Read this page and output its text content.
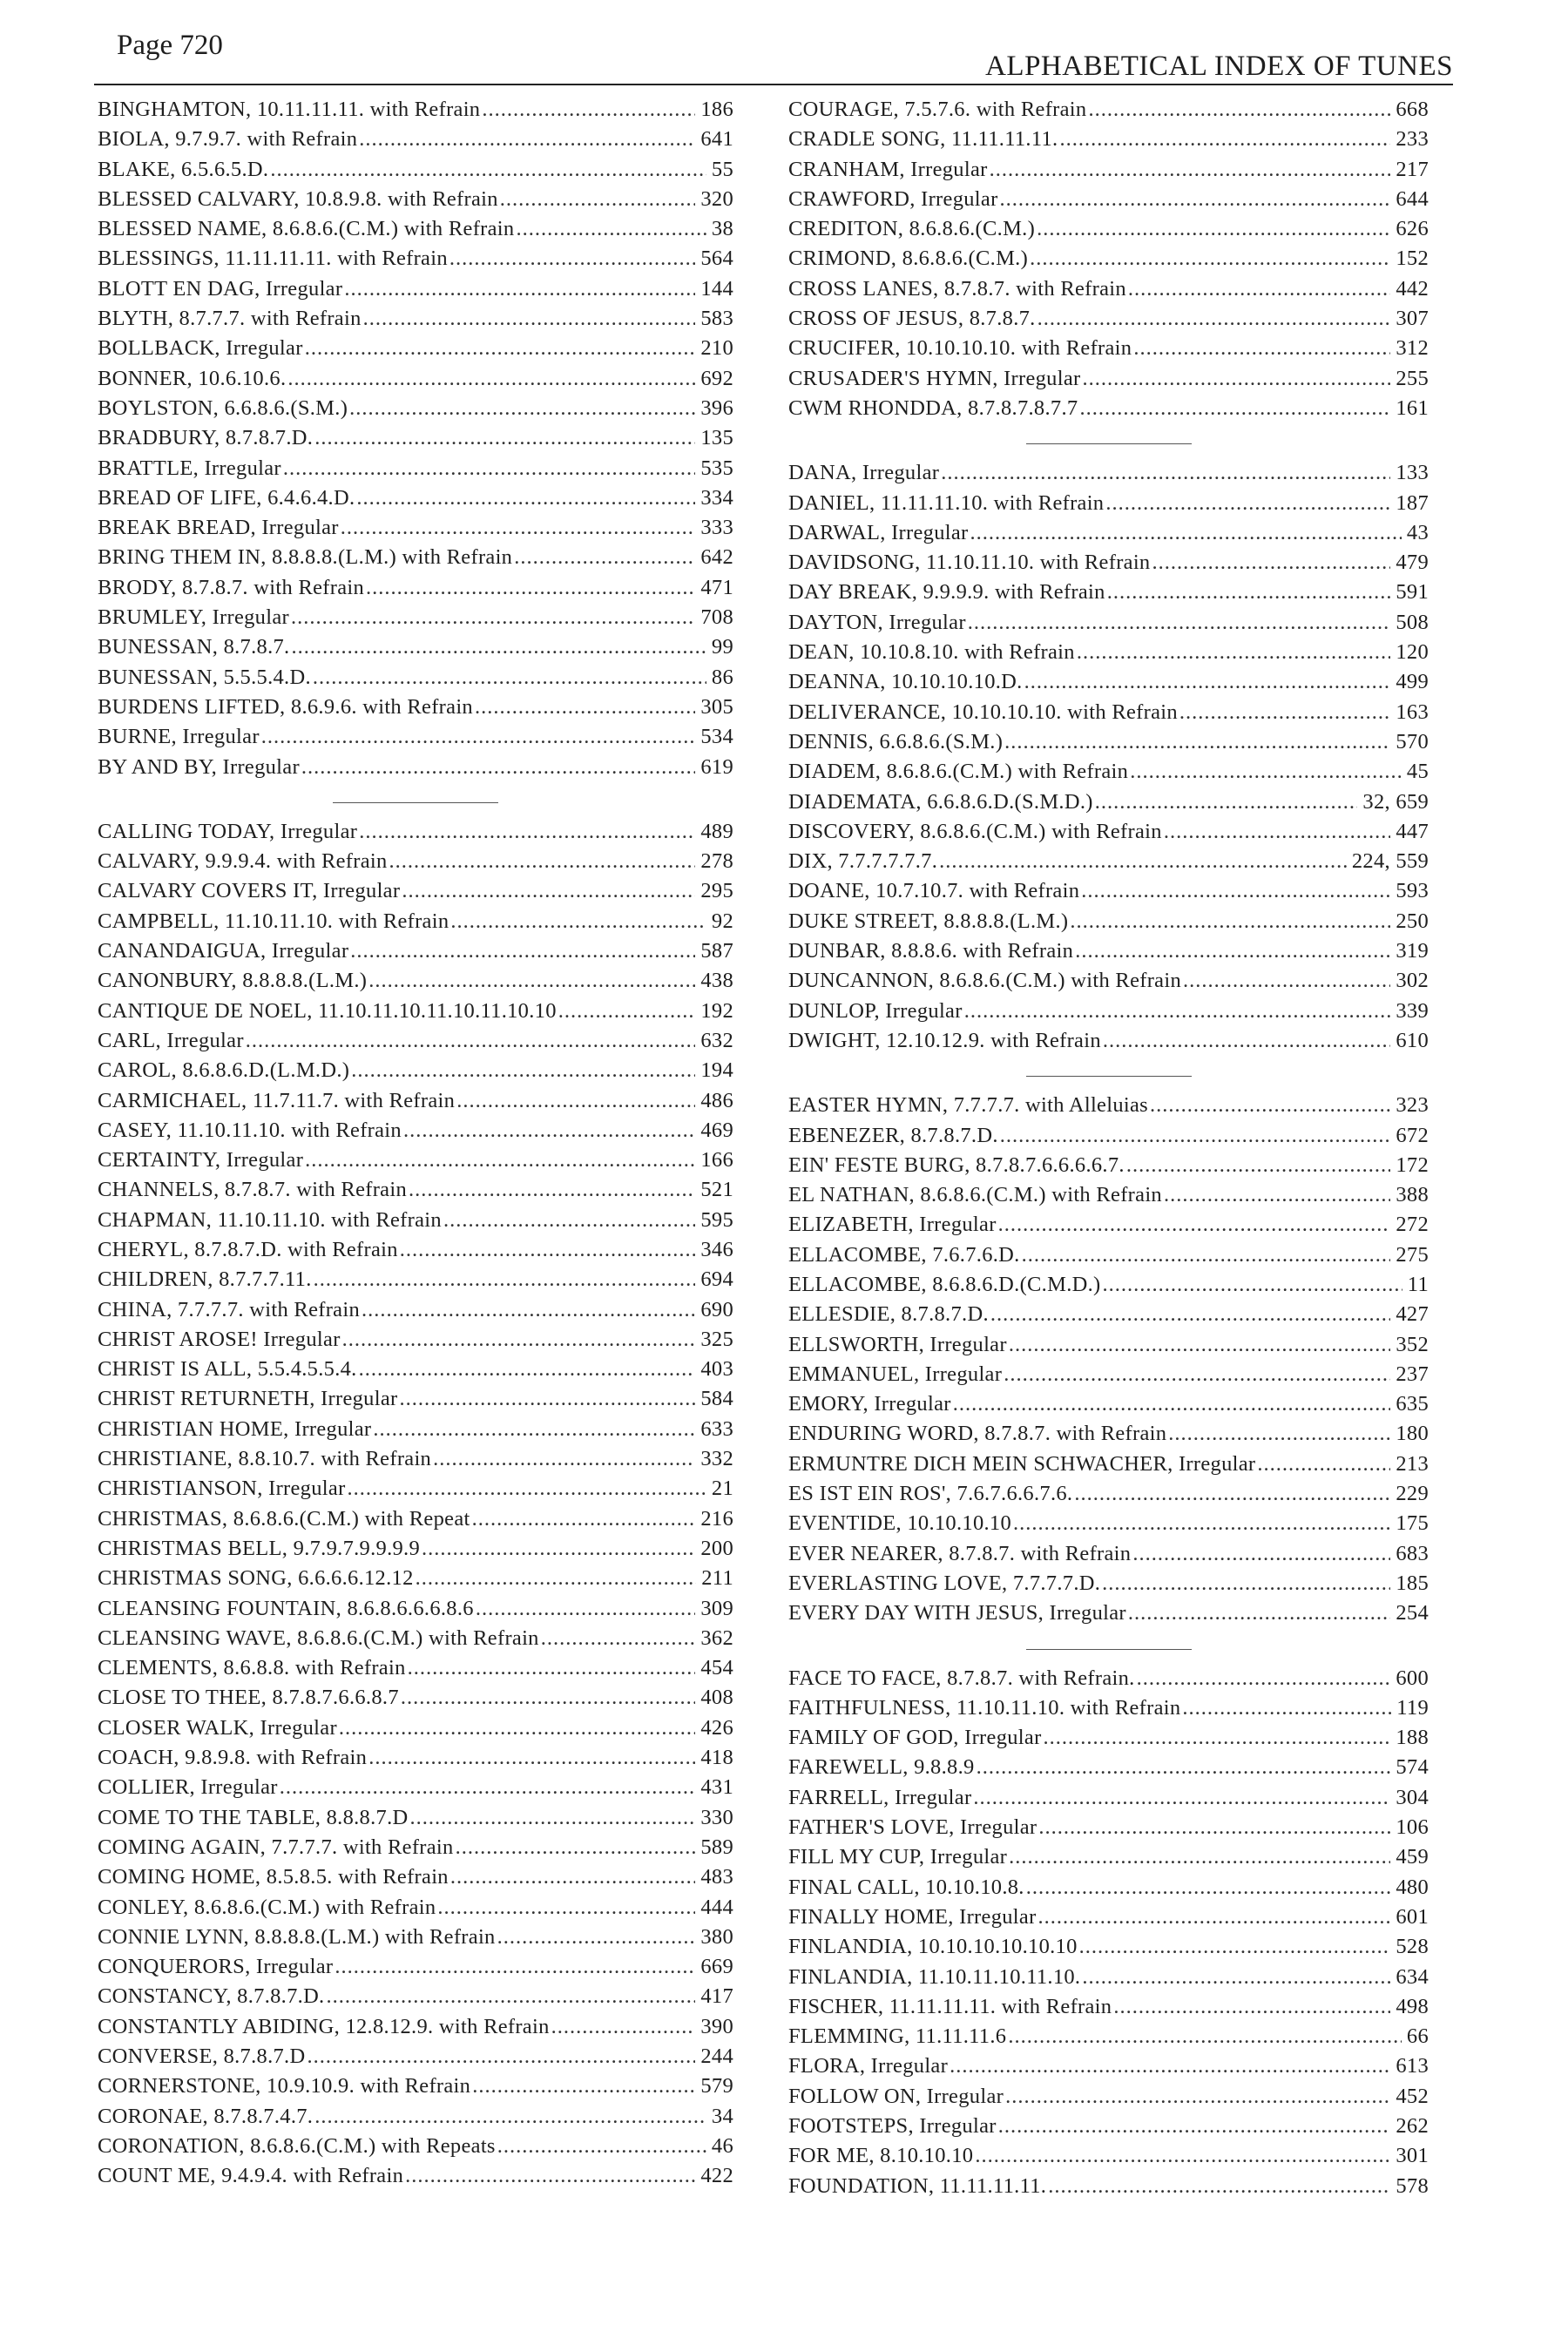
Page 720
ALPHABETICAL INDEX OF TUNES
BINGHAMTON, 10.11.11.11. with Refrain .....	186
BIOLA, 9.7.9.7. with Refrain .....	641
BLAKE, 6.5.6.5.D. .....	55
BLESSED CALVARY, 10.8.9.8. with Refrain .....	320
BLESSED NAME, 8.6.8.6.(C.M.) with Refrain .....	38
BLESSINGS, 11.11.11.11. with Refrain .....	564
BLOTT EN DAG, Irregular .....	144
BLYTH, 8.7.7.7. with Refrain .....	583
BOLLBACK, Irregular .....	210
BONNER, 10.6.10.6. .....	692
BOYLSTON, 6.6.8.6.(S.M.) .....	396
BRADBURY, 8.7.8.7.D. .....	135
BRATTLE, Irregular .....	535
BREAD OF LIFE, 6.4.6.4.D. .....	334
BREAK BREAD, Irregular .....	333
BRING THEM IN, 8.8.8.8.(L.M.) with Refrain .....	642
BRODY, 8.7.8.7. with Refrain .....	471
BRUMLEY, Irregular .....	708
BUNESSAN, 8.7.8.7. .....	99
BUNESSAN, 5.5.5.4.D. .....	86
BURDENS LIFTED, 8.6.9.6. with Refrain .....	305
BURNE, Irregular .....	534
BY AND BY, Irregular .....	619
CALLING TODAY, Irregular .....	489
CALVARY, 9.9.9.4. with Refrain .....	278
CALVARY COVERS IT, Irregular .....	295
CAMPBELL, 11.10.11.10. with Refrain .....	92
CANANDAIGUA, Irregular .....	587
CANONBURY, 8.8.8.8.(L.M.) .....	438
CANTIQUE DE NOEL, 11.10.11.10.11.10.11.10.10 .....	192
CARL, Irregular .....	632
CAROL, 8.6.8.6.D.(L.M.D.) .....	194
CARMICHAEL, 11.7.11.7. with Refrain .....	486
CASEY, 11.10.11.10. with Refrain .....	469
CERTAINTY, Irregular .....	166
CHANNELS, 8.7.8.7. with Refrain .....	521
CHAPMAN, 11.10.11.10. with Refrain .....	595
CHERYL, 8.7.8.7.D. with Refrain .....	346
CHILDREN, 8.7.7.7.11. .....	694
CHINA, 7.7.7.7. with Refrain .....	690
CHRIST AROSE! Irregular .....	325
CHRIST IS ALL, 5.5.4.5.5.4. .....	403
CHRIST RETURNETH, Irregular .....	584
CHRISTIAN HOME, Irregular .....	633
CHRISTIANE, 8.8.10.7. with Refrain .....	332
CHRISTIANSON, Irregular .....	21
CHRISTMAS, 8.6.8.6.(C.M.) with Repeat .....	216
CHRISTMAS BELL, 9.7.9.7.9.9.9.9 .....	200
CHRISTMAS SONG, 6.6.6.6.12.12 .....	211
CLEANSING FOUNTAIN, 8.6.8.6.6.6.8.6 .....	309
CLEANSING WAVE, 8.6.8.6.(C.M.) with Refrain .....	362
CLEMENTS, 8.6.8.8. with Refrain .....	454
CLOSE TO THEE, 8.7.8.7.6.6.8.7 .....	408
CLOSER WALK, Irregular .....	426
COACH, 9.8.9.8. with Refrain .....	418
COLLIER, Irregular .....	431
COME TO THE TABLE, 8.8.8.7.D .....	330
COMING AGAIN, 7.7.7.7. with Refrain .....	589
COMING HOME, 8.5.8.5. with Refrain .....	483
CONLEY, 8.6.8.6.(C.M.) with Refrain .....	444
CONNIE LYNN, 8.8.8.8.(L.M.) with Refrain .....	380
CONQUERORS, Irregular .....	669
CONSTANCY, 8.7.8.7.D. .....	417
CONSTANTLY ABIDING, 12.8.12.9. with Refrain .....	390
CONVERSE, 8.7.8.7.D .....	244
CORNERSTONE, 10.9.10.9. with Refrain .....	579
CORONAE, 8.7.8.7.4.7. .....	34
CORONATION, 8.6.8.6.(C.M.) with Repeats .....	46
COUNT ME, 9.4.9.4. with Refrain .....	422
COURAGE, 7.5.7.6. with Refrain .....	668
CRADLE SONG, 11.11.11.11. .....	233
CRANHAM, Irregular .....	217
CRAWFORD, Irregular .....	644
CREDITON, 8.6.8.6.(C.M.) .....	626
CRIMOND, 8.6.8.6.(C.M.) .....	152
CROSS LANES, 8.7.8.7. with Refrain .....	442
CROSS OF JESUS, 8.7.8.7. .....	307
CRUCIFER, 10.10.10.10. with Refrain .....	312
CRUSADER'S HYMN, Irregular .....	255
CWM RHONDDA, 8.7.8.7.8.7.7 .....	161
DANA, Irregular .....	133
DANIEL, 11.11.11.10. with Refrain .....	187
DARWAL, Irregular .....	43
DAVIDSONG, 11.10.11.10. with Refrain .....	479
DAY BREAK, 9.9.9.9. with Refrain .....	591
DAYTON, Irregular .....	508
DEAN, 10.10.8.10. with Refrain .....	120
DEANNA, 10.10.10.10.D. .....	499
DELIVERANCE, 10.10.10.10. with Refrain .....	163
DENNIS, 6.6.8.6.(S.M.) .....	570
DIADEM, 8.6.8.6.(C.M.) with Refrain .....	45
DIADEMATA, 6.6.8.6.D.(S.M.D.) .....	32, 659
DISCOVERY, 8.6.8.6.(C.M.) with Refrain .....	447
DIX, 7.7.7.7.7.7. .....	224, 559
DOANE, 10.7.10.7. with Refrain .....	593
DUKE STREET, 8.8.8.8.(L.M.) .....	250
DUNBAR, 8.8.8.6. with Refrain .....	319
DUNCANNON, 8.6.8.6.(C.M.) with Refrain .....	302
DUNLOP, Irregular .....	339
DWIGHT, 12.10.12.9. with Refrain .....	610
EASTER HYMN, 7.7.7.7. with Alleluias .....	323
EBENEZER, 8.7.8.7.D. .....	672
EIN' FESTE BURG, 8.7.8.7.6.6.6.6.7. .....	172
EL NATHAN, 8.6.8.6.(C.M.) with Refrain .....	388
ELIZABETH, Irregular .....	272
ELLACOMBE, 7.6.7.6.D. .....	275
ELLACOMBE, 8.6.8.6.D.(C.M.D.) .....	11
ELLESDIE, 8.7.8.7.D. .....	427
ELLSWORTH, Irregular .....	352
EMMANUEL, Irregular .....	237
EMORY, Irregular .....	635
ENDURING WORD, 8.7.8.7. with Refrain .....	180
ERMUNTRE DICH MEIN SCHWACHER, Irregular .....	213
ES IST EIN ROS', 7.6.7.6.6.7.6. .....	229
EVENTIDE, 10.10.10.10 .....	175
EVER NEARER, 8.7.8.7. with Refrain .....	683
EVERLASTING LOVE, 7.7.7.7.D. .....	185
EVERY DAY WITH JESUS, Irregular .....	254
FACE TO FACE, 8.7.8.7. with Refrain. .....	600
FAITHFULNESS, 11.10.11.10. with Refrain .....	119
FAMILY OF GOD, Irregular .....	188
FAREWELL, 9.8.8.9 .....	574
FARRELL, Irregular .....	304
FATHER'S LOVE, Irregular .....	106
FILL MY CUP, Irregular .....	459
FINAL CALL, 10.10.10.8. .....	480
FINALLY HOME, Irregular .....	601
FINLANDIA, 10.10.10.10.10.10 .....	528
FINLANDIA, 11.10.11.10.11.10. .....	634
FISCHER, 11.11.11.11. with Refrain .....	498
FLEMMING, 11.11.11.6 .....	66
FLORA, Irregular .....	613
FOLLOW ON, Irregular .....	452
FOOTSTEPS, Irregular .....	262
FOR ME, 8.10.10.10 .....	301
FOUNDATION, 11.11.11.11. .....	578
